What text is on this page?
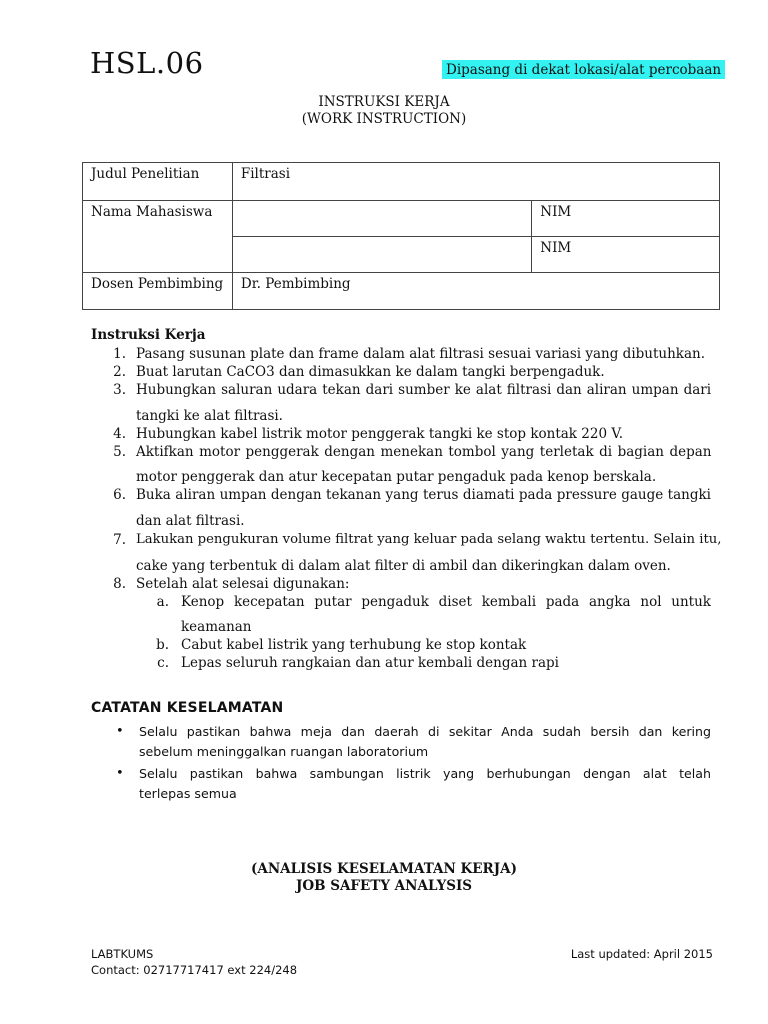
HSL.06	Dipasang di dekat lokasi/alat percobaan
INSTRUKSI KERJA
(WORK INSTRUCTION)
Judul Penelitian	Filtrasi	
Nama Mahasiswa		NIM
		NIM
Dosen Pembimbing	Dr. Pembimbing	
Instruksi Kerja
1. Pasang susunan plate dan frame dalam alat filtrasi sesuai variasi yang dibutuhkan.
2. Buat larutan CaCO3 dan dimasukkan ke dalam tangki berpengaduk.
3. Hubungkan saluran udara tekan dari sumber ke alat filtrasi dan aliran umpan dari
tangki ke alat filtrasi.
4. Hubungkan kabel listrik motor penggerak tangki ke stop kontak 220 V.
5. Aktifkan motor penggerak dengan menekan tombol yang terletak di bagian depan
motor penggerak dan atur kecepatan putar pengaduk pada kenop berskala.
6. Buka aliran umpan dengan tekanan yang terus diamati pada pressure gauge tangki
dan alat filtrasi.
7. Lakukan pengukuran volume filtrat yang keluar pada selang waktu tertentu. Selain itu,
cake yang terbentuk di dalam alat filter di ambil dan dikeringkan dalam oven.
8. Setelah alat selesai digunakan:
a. Kenop kecepatan putar pengaduk diset kembali pada angka nol untuk
keamanan
b. Cabut kabel listrik yang terhubung ke stop kontak
c. Lepas seluruh rangkaian dan atur kembali dengan rapi
CATATAN KESELAMATAN
• Selalu pastikan bahwa meja dan daerah di sekitar Anda sudah bersih dan kering
sebelum meninggalkan ruangan laboratorium
• Selalu pastikan bahwa sambungan listrik yang berhubungan dengan alat telah
terlepas semua
(ANALISIS KESELAMATAN KERJA)
JOB SAFETY ANALYSIS
LABTKUMS
Contact: 02717717417 ext 224/248
Last updated: April 2015
